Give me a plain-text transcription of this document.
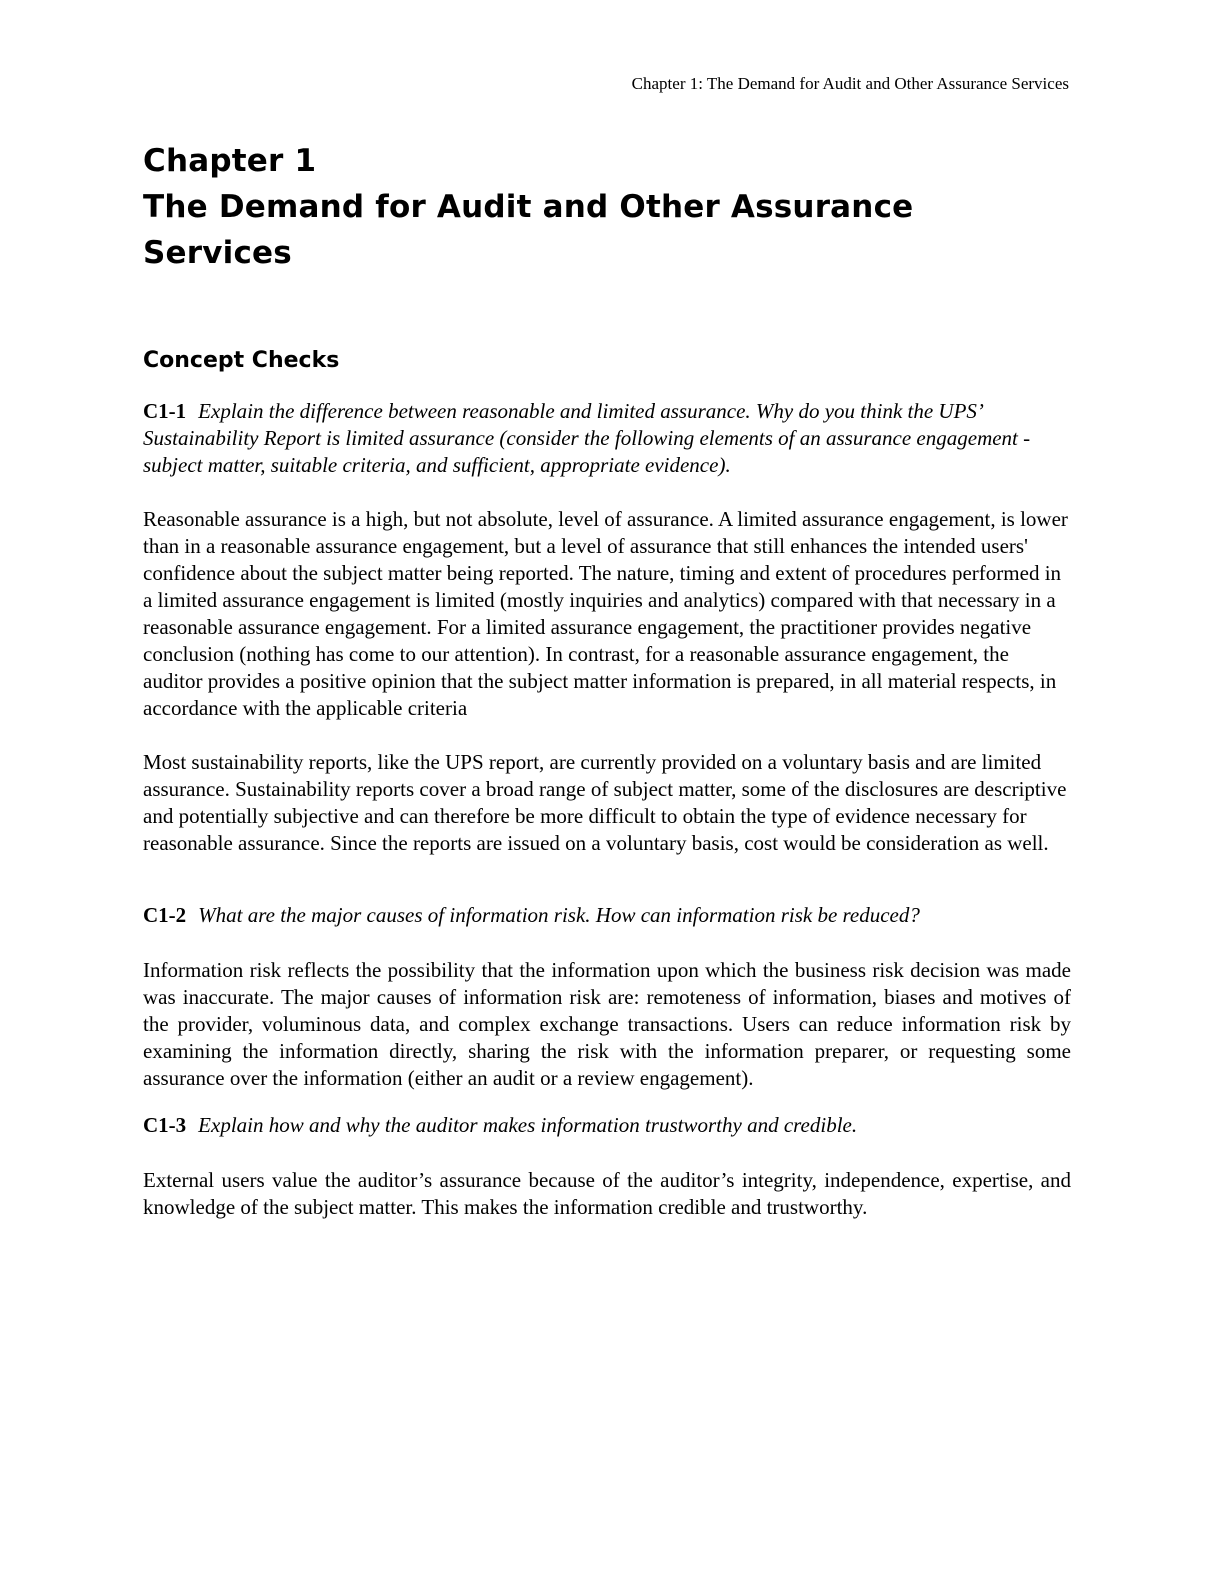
Chapter 1: The Demand for Audit and Other Assurance Services
Chapter 1
The Demand for Audit and Other Assurance
Services
Concept Checks

C1-1 Explain the difference between reasonable and limited assurance. Why do you think the UPS’ Sustainability Report is limited assurance (consider the following elements of an assurance engagement - subject matter, suitable criteria, and sufficient, appropriate evidence).

Reasonable assurance is a high, but not absolute, level of assurance. A limited assurance engagement, is lower than in a reasonable assurance engagement, but a level of assurance that still enhances the intended users' confidence about the subject matter being reported. The nature, timing and extent of procedures performed in a limited assurance engagement is limited (mostly inquiries and analytics) compared with that necessary in a reasonable assurance engagement. For a limited assurance engagement, the practitioner provides negative conclusion (nothing has come to our attention). In contrast, for a reasonable assurance engagement, the auditor provides a positive opinion that the subject matter information is prepared, in all material respects, in accordance with the applicable criteria

Most sustainability reports, like the UPS report, are currently provided on a voluntary basis and are limited assurance. Sustainability reports cover a broad range of subject matter, some of the disclosures are descriptive and potentially subjective and can therefore be more difficult to obtain the type of evidence necessary for reasonable assurance. Since the reports are issued on a voluntary basis, cost would be consideration as well.

C1-2 What are the major causes of information risk. How can information risk be reduced?

Information risk reflects the possibility that the information upon which the business risk decision was made was inaccurate. The major causes of information risk are: remoteness of information, biases and motives of the provider, voluminous data, and complex exchange transactions. Users can reduce information risk by examining the information directly, sharing the risk with the information preparer, or requesting some assurance over the information (either an audit or a review engagement).

C1-3 Explain how and why the auditor makes information trustworthy and credible.

External users value the auditor’s assurance because of the auditor’s integrity, independence, expertise, and knowledge of the subject matter. This makes the information credible and trustworthy.
